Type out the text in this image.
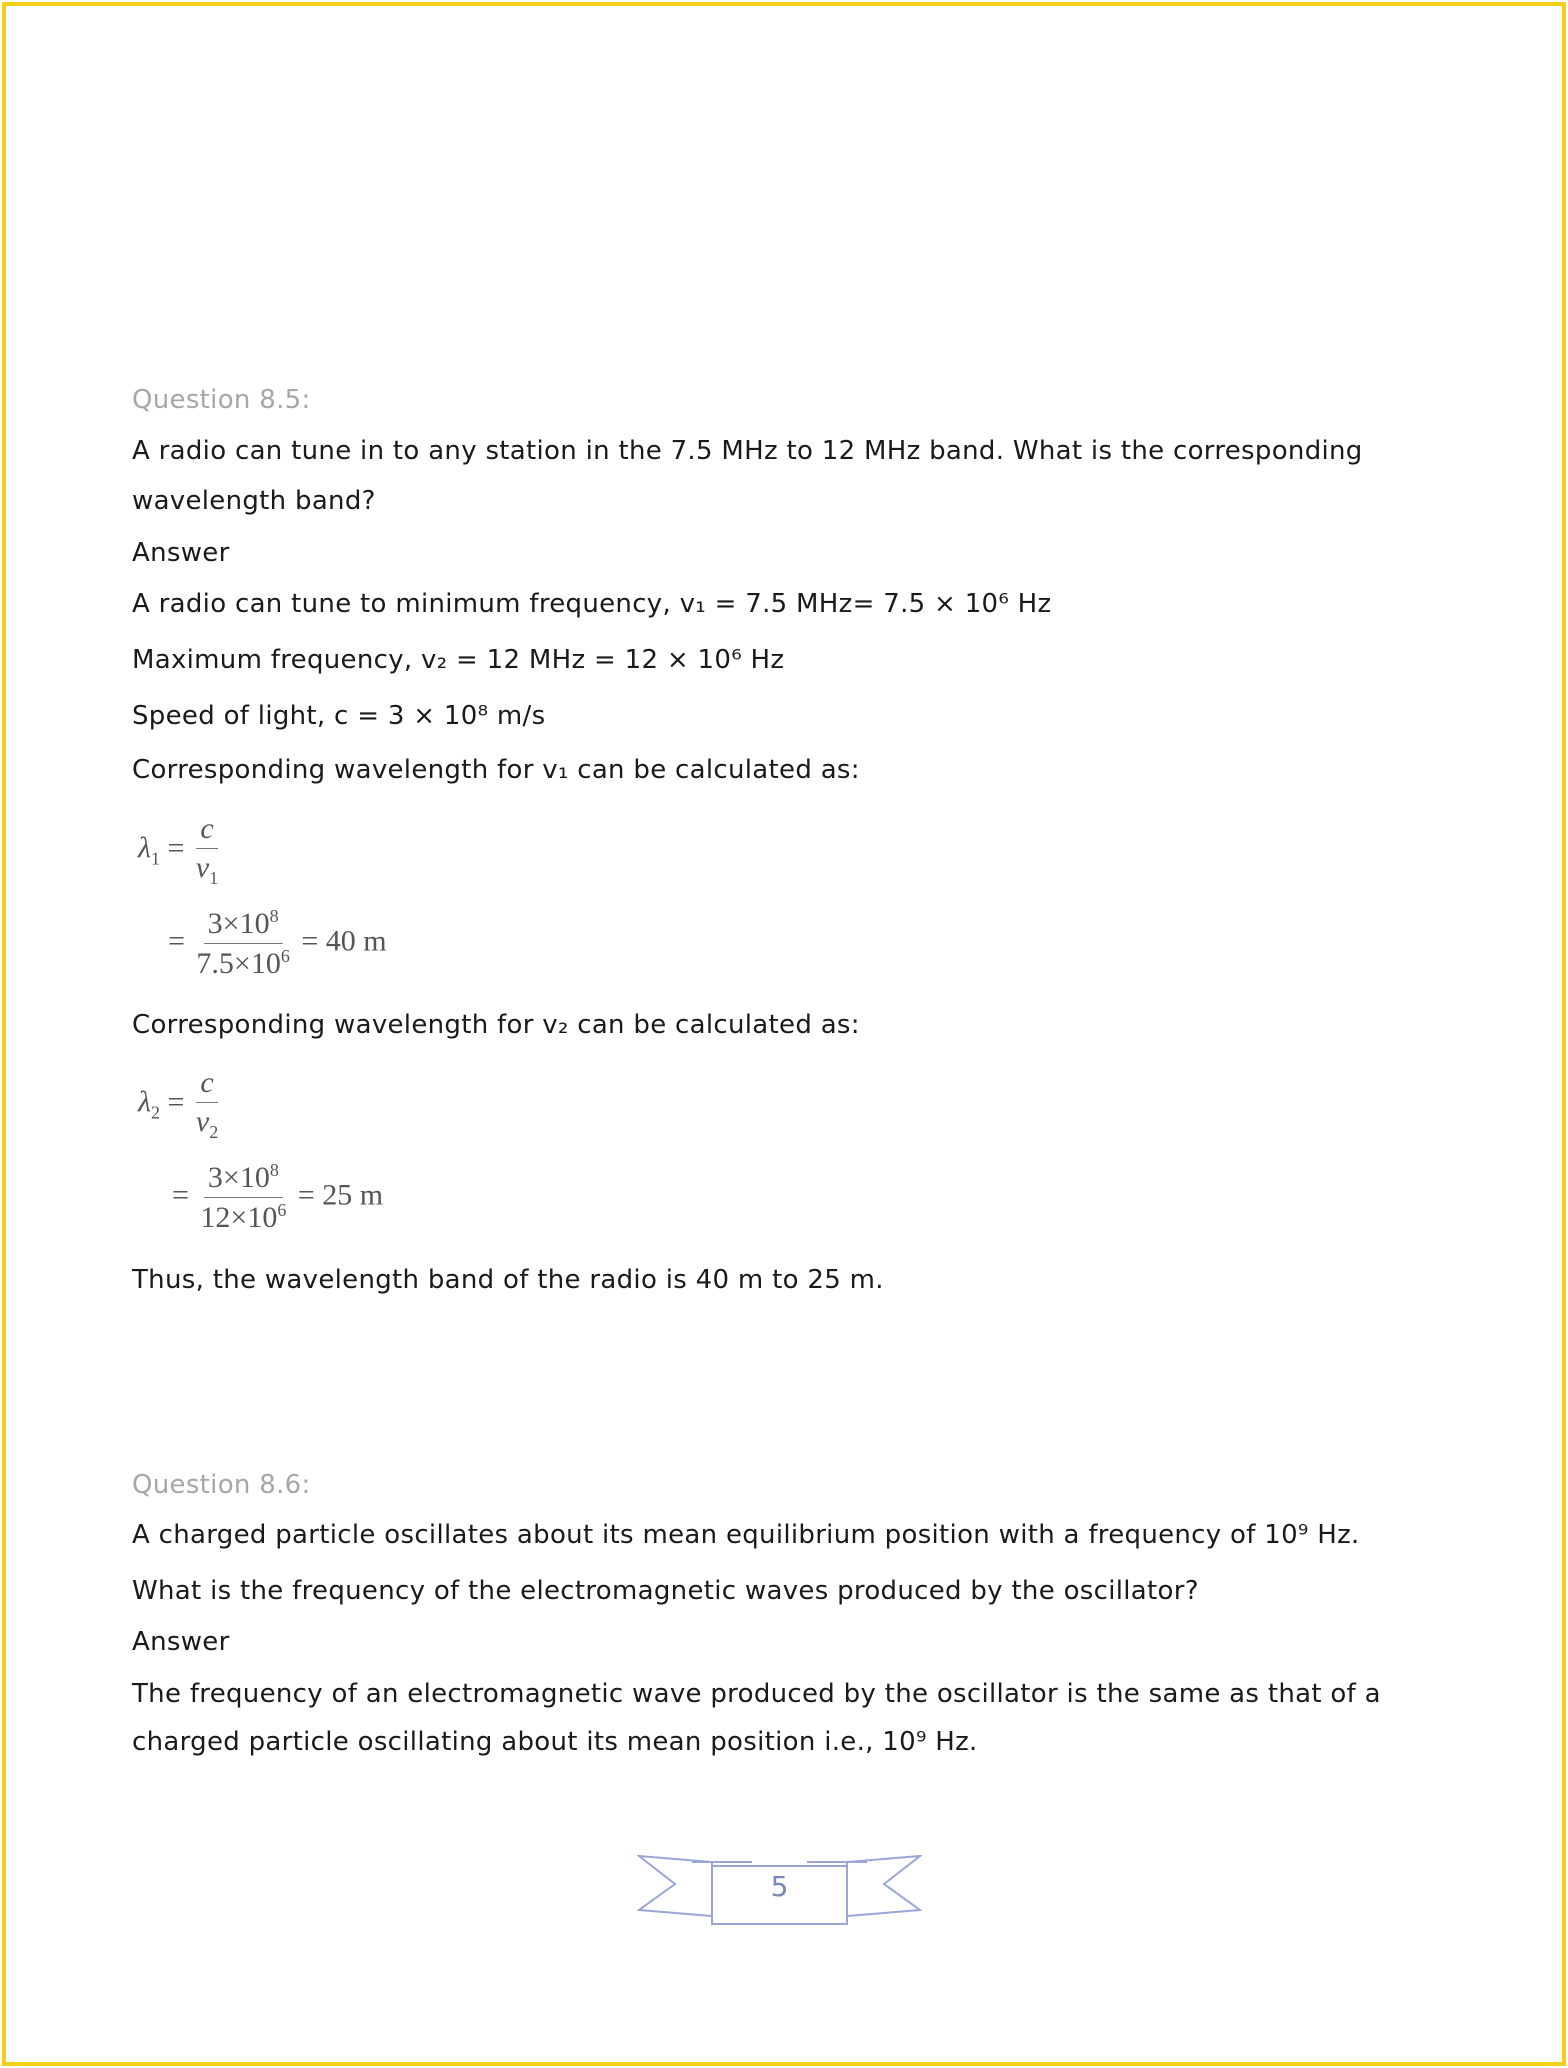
Question 8.5:
A radio can tune in to any station in the 7.5 MHz to 12 MHz band. What is the corresponding
wavelength band?
Answer
A radio can tune to minimum frequency, v₁ = 7.5 MHz= 7.5 × 10⁶ Hz
Maximum frequency, v₂ = 12 MHz = 12 × 10⁶ Hz
Speed of light, c = 3 × 10⁸ m/s
Corresponding wavelength for v₁ can be calculated as:
$\lambda_1 = \frac{c}{v_1}$
= $\frac{3\times 10^8}{7.5\times 10^6} = 40$ m
Corresponding wavelength for v₂ can be calculated as:
$\lambda_2 = \frac{c}{v_2}$
= $\frac{3\times 10^8}{12\times 10^6} = 25$ m
Thus, the wavelength band of the radio is 40 m to 25 m.
Question 8.6:
A charged particle oscillates about its mean equilibrium position with a frequency of 10⁹ Hz.
What is the frequency of the electromagnetic waves produced by the oscillator?
Answer
The frequency of an electromagnetic wave produced by the oscillator is the same as that of a
charged particle oscillating about its mean position i.e., 10⁹ Hz.
5
